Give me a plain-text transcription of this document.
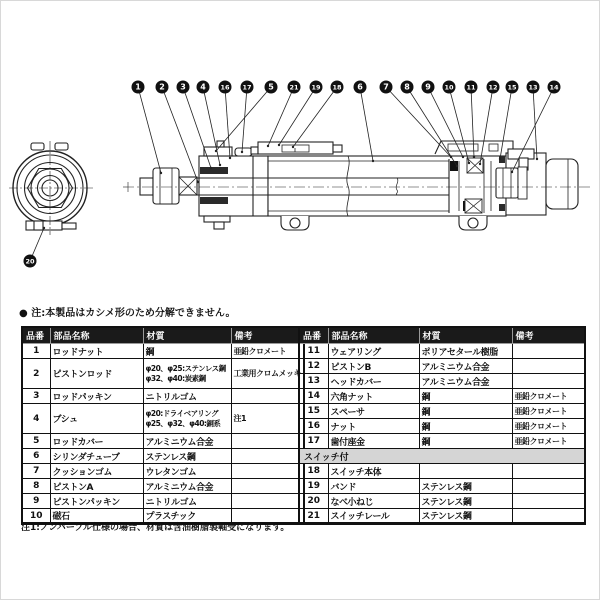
1 2 3 4 16 17 5 21 19 18 6	7 8 9 10 11 12 15 13 14
20
● 注:本製品はカシメ形のため分解できません。
品番	部品名称	材質	備考
1	ロッドナット	鋼	亜鉛クロメート
2	ピストンロッド	φ20、φ25:ステンレス鋼
φ32、φ40:炭素鋼	工業用クロムメッキ
3	ロッドパッキン	ニトリルゴム	
4	ブシュ	φ20:ドライベアリング
φ25、φ32、φ40:銅系	注1
5	ロッドカバー	アルミニウム合金	
6	シリンダチューブ	ステンレス鋼	
7	クッションゴム	ウレタンゴム	
8	ピストンA	アルミニウム合金	
9	ピストンパッキン	ニトリルゴム	
10	磁石	プラスチック	
品番	部品名称	材質	備考
11	ウェアリング	ポリアセタール樹脂	
12	ピストンB	アルミニウム合金	
13	ヘッドカバー	アルミニウム合金	
14	六角ナット	鋼	亜鉛クロメート
15	スペーサ	鋼	亜鉛クロメート
16	ナット	鋼	亜鉛クロメート
17	歯付座金	鋼	亜鉛クロメート
スイッチ付			
18	スイッチ本体		
19	バンド	ステンレス鋼	
20	なべ小ねじ	ステンレス鋼	
21	スイッチレール	ステンレス鋼	
注1:ノンバーブル仕様の場合、材質は含油樹脂製軸受になります。
